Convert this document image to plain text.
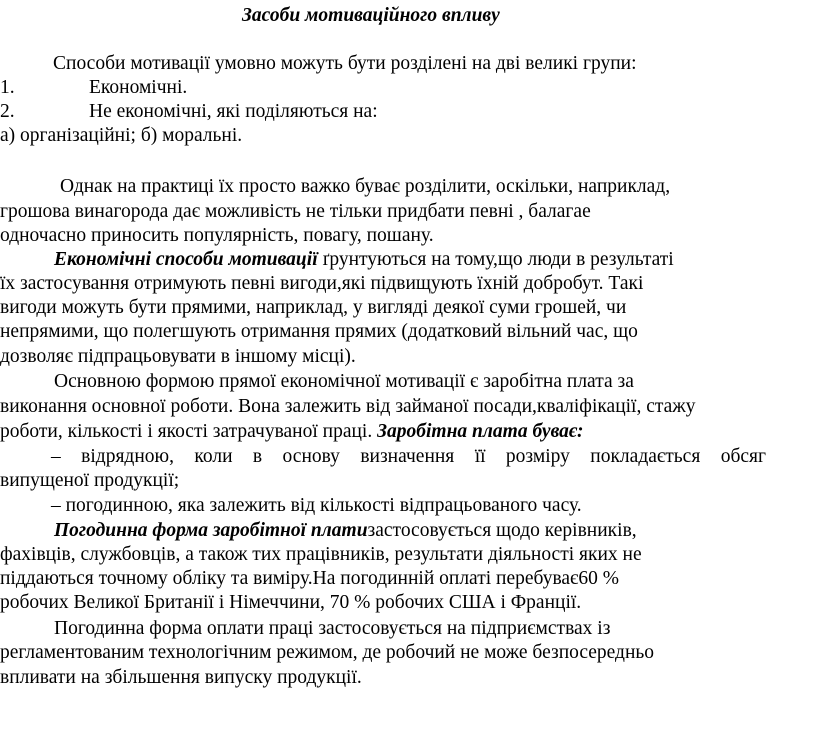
Засоби мотиваційного впливу
Способи мотивації умовно можуть бути розділені на дві великі групи:
1.	Економічні.
2.	Не економічні, які поділяються на:
а) організаційні; б) моральні.
Однак на практиці їх просто важко буває розділити, оскільки, наприклад,
грошова винагорода дає можливість не тільки придбати певні , балагае
одночасно приносить популярність, повагу, пошану.
Економічні способи мотивації ґрунтуються на тому,що люди в результаті
їх застосування отримують певні вигоди,які підвищують їхній добробут. Такі
вигоди можуть бути прямими, наприклад, у вигляді деякої суми грошей, чи
непрямими, що полегшують отримання прямих (додатковий вільний час, що
дозволяє підпрацьовувати в іншому місці).
Основною формою прямої економічної мотивації є заробітна плата за
виконання основної роботи. Вона залежить від займаної посади,кваліфікації, стажу
роботи, кількості і якості затрачуваної праці. Заробітна плата буває:
– відрядною, коли в основу визначення її розміру покладається обсяг
випущеної продукції;
– погодинною, яка залежить від кількості відпрацьованого часу.
Погодинна форма заробітної платизастосовується щодо керівників,
фахівців, службовців, а також тих працівників, результати діяльності яких не
піддаються точному обліку та виміру.На погодинній оплаті перебуває60 %
робочих Великої Британії і Німеччини, 70 % робочих США і Франції.
Погодинна форма оплати праці застосовується на підприємствах із
регламентованим технологічним режимом, де робочий не може безпосередньо
впливати на збільшення випуску продукції.
